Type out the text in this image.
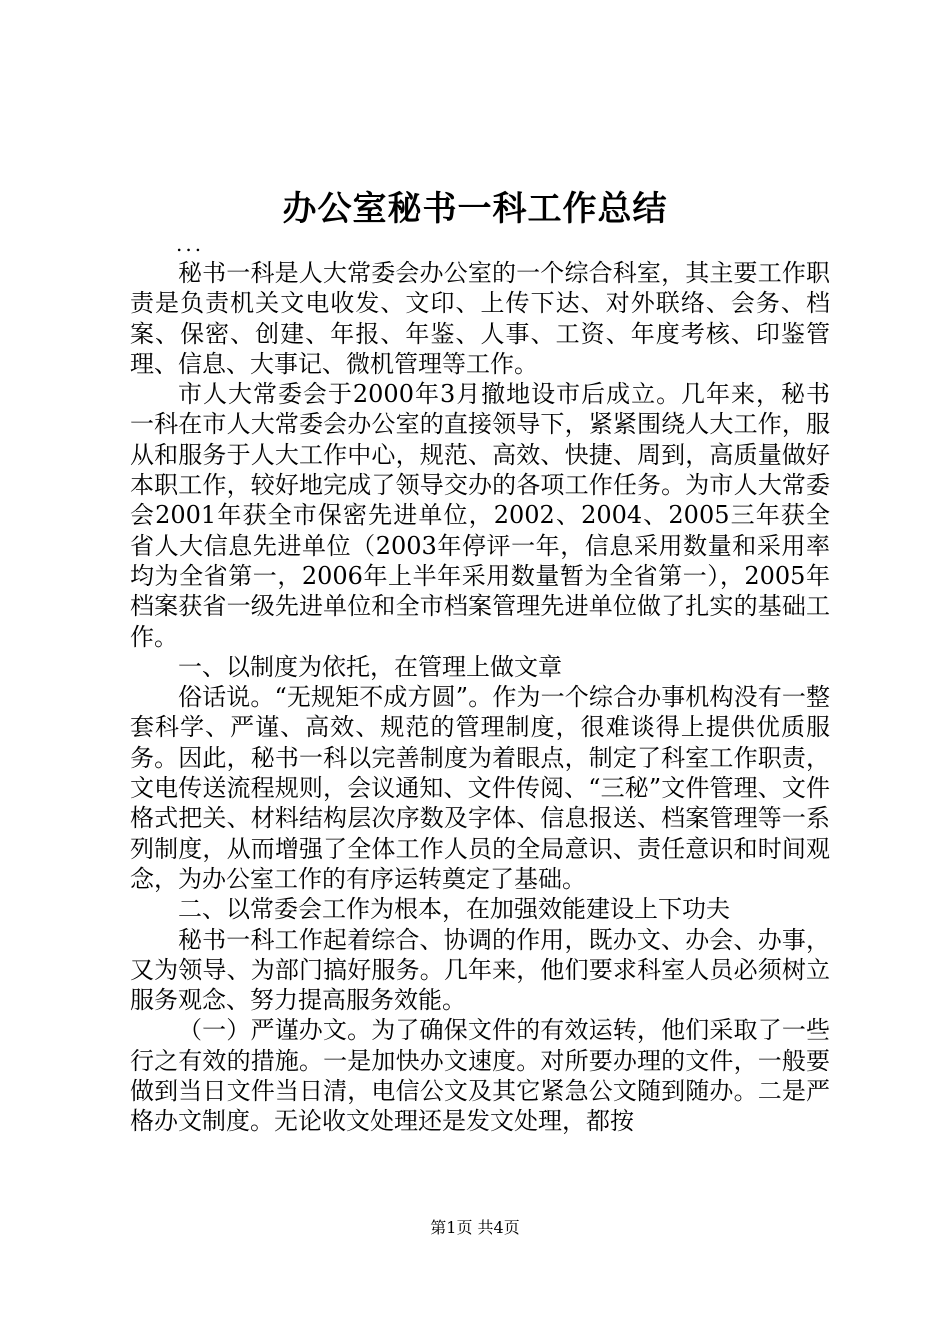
办公室秘书一科工作总结
...

秘书一科是人大常委会办公室的一个综合科室，其主要工作职责是负责机关文电收发、文印、上传下达、对外联络、会务、档案、保密、创建、年报、年鉴、人事、工资、年度考核、印鉴管理、信息、大事记、微机管理等工作。

市人大常委会于2000年3月撤地设市后成立。几年来，秘书一科在市人大常委会办公室的直接领导下，紧紧围绕人大工作，服从和服务于人大工作中心，规范、高效、快捷、周到，高质量做好本职工作，较好地完成了领导交办的各项工作任务。为市人大常委会2001年获全市保密先进单位，2002、2004、2005三年获全省人大信息先进单位（2003年停评一年，信息采用数量和采用率均为全省第一，2006年上半年采用数量暂为全省第一），2005年档案获省一级先进单位和全市档案管理先进单位做了扎实的基础工作。

一、以制度为依托，在管理上做文章

俗话说。“无规矩不成方圆”。作为一个综合办事机构没有一整套科学、严谨、高效、规范的管理制度，很难谈得上提供优质服务。因此，秘书一科以完善制度为着眼点，制定了科室工作职责，文电传送流程规则，会议通知、文件传阅、“三秘”文件管理、文件格式把关、材料结构层次序数及字体、信息报送、档案管理等一系列制度，从而增强了全体工作人员的全局意识、责任意识和时间观念，为办公室工作的有序运转奠定了基础。

二、以常委会工作为根本，在加强效能建设上下功夫

秘书一科工作起着综合、协调的作用，既办文、办会、办事，又为领导、为部门搞好服务。几年来，他们要求科室人员必须树立服务观念、努力提高服务效能。

（一）严谨办文。为了确保文件的有效运转，他们采取了一些行之有效的措施。一是加快办文速度。对所要办理的文件，一般要做到当日文件当日清，电信公文及其它紧急公文随到随办。二是严格办文制度。无论收文处理还是发文处理，都按

第1页 共4页
